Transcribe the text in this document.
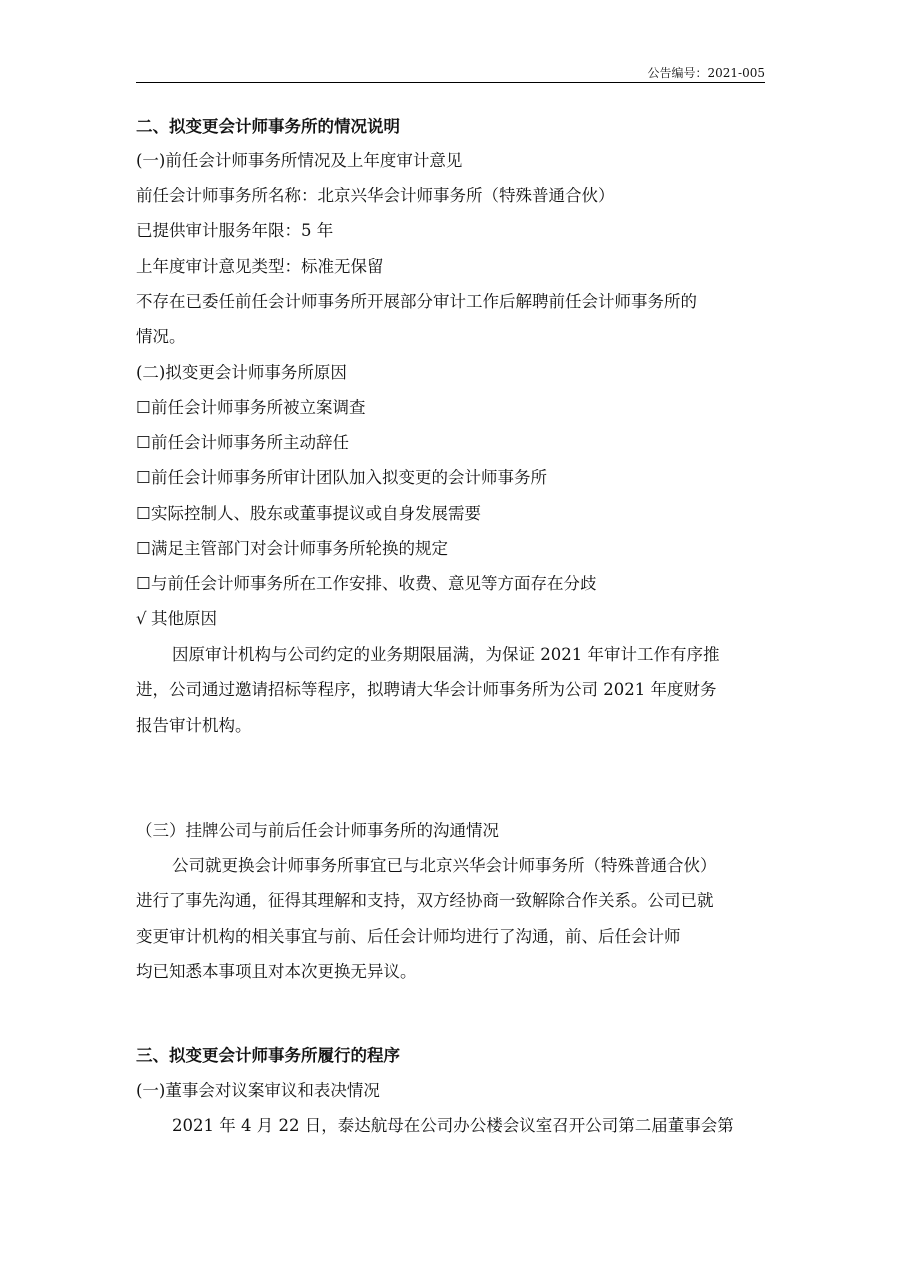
公告编号：2021-005
二、拟变更会计师事务所的情况说明
(一)前任会计师事务所情况及上年度审计意见
前任会计师事务所名称：北京兴华会计师事务所（特殊普通合伙）
已提供审计服务年限：5 年
上年度审计意见类型：标准无保留
不存在已委任前任会计师事务所开展部分审计工作后解聘前任会计师事务所的
情况。
(二)拟变更会计师事务所原因
☐前任会计师事务所被立案调查
☐前任会计师事务所主动辞任
☐前任会计师事务所审计团队加入拟变更的会计师事务所
☐实际控制人、股东或董事提议或自身发展需要
☐满足主管部门对会计师事务所轮换的规定
☐与前任会计师事务所在工作安排、收费、意见等方面存在分歧
√ 其他原因
因原审计机构与公司约定的业务期限届满，为保证 2021 年审计工作有序推
进，公司通过邀请招标等程序，拟聘请大华会计师事务所为公司 2021 年度财务
报告审计机构。
（三）挂牌公司与前后任会计师事务所的沟通情况
公司就更换会计师事务所事宜已与北京兴华会计师事务所（特殊普通合伙）
进行了事先沟通，征得其理解和支持，双方经协商一致解除合作关系。公司已就
变更审计机构的相关事宜与前、后任会计师均进行了沟通，前、后任会计师
均已知悉本事项且对本次更换无异议。
三、拟变更会计师事务所履行的程序
(一)董事会对议案审议和表决情况
2021 年 4 月 22 日，泰达航母在公司办公楼会议室召开公司第二届董事会第
